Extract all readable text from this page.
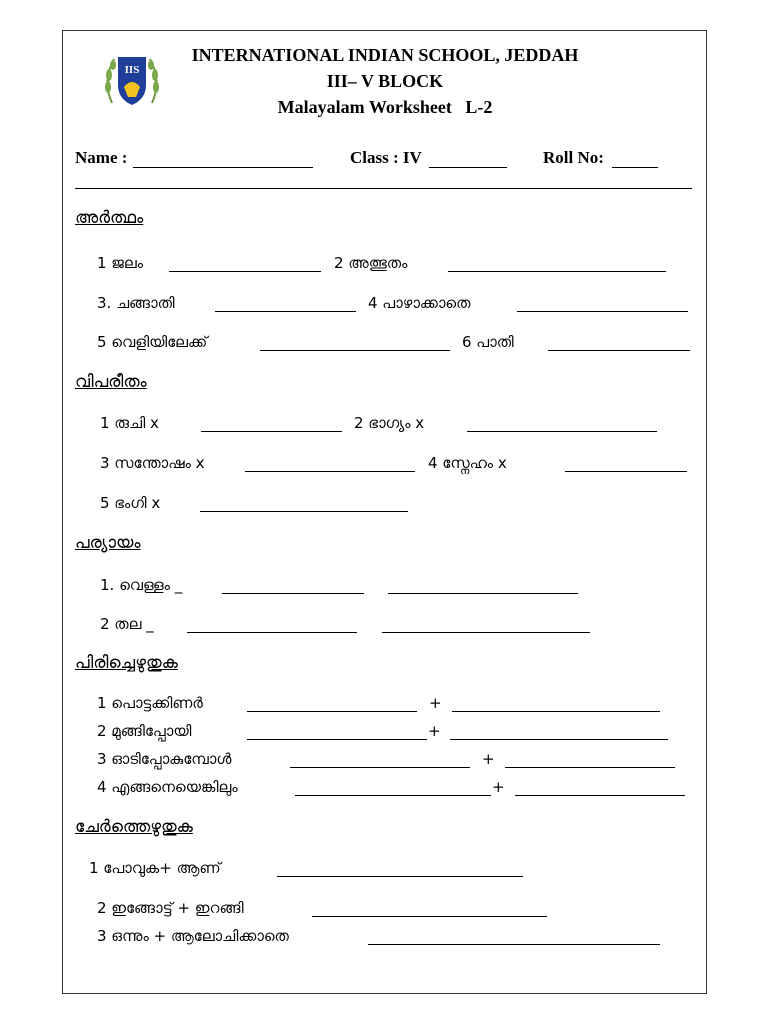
IIS
INTERNATIONAL INDIAN SCHOOL, JEDDAH
III– V BLOCK
Malayalam Worksheet   L-2
Name :	Class : IV	Roll No:
അർത്ഥം
1 ജലം	2 അത്ഭുതം
3. ചങ്ങാതി	4 പാഴാക്കാതെ
5 വെളിയിലേക്ക്	6 പാതി
വിപരീതം
1 രുചി x	2 ഭാഗ്യം x
3 സന്തോഷം x	4 സ്നേഹം x
5 ഭംഗി x
പര്യായം
1. വെള്ളം _
2 തല _
പിരിച്ചെഴുതുക
1 പൊട്ടക്കിണർ	+
2 മുങ്ങിപ്പോയി	+
3 ഓടിപ്പോകുമ്പോൾ	+
4 എങ്ങനെയെങ്കിലും	+
ചേർത്തെഴുതുക
1 പോവുക+ ആണ്
2 ഇങ്ങോട്ട് + ഇറങ്ങി
3 ഒന്നും + ആലോചിക്കാതെ
